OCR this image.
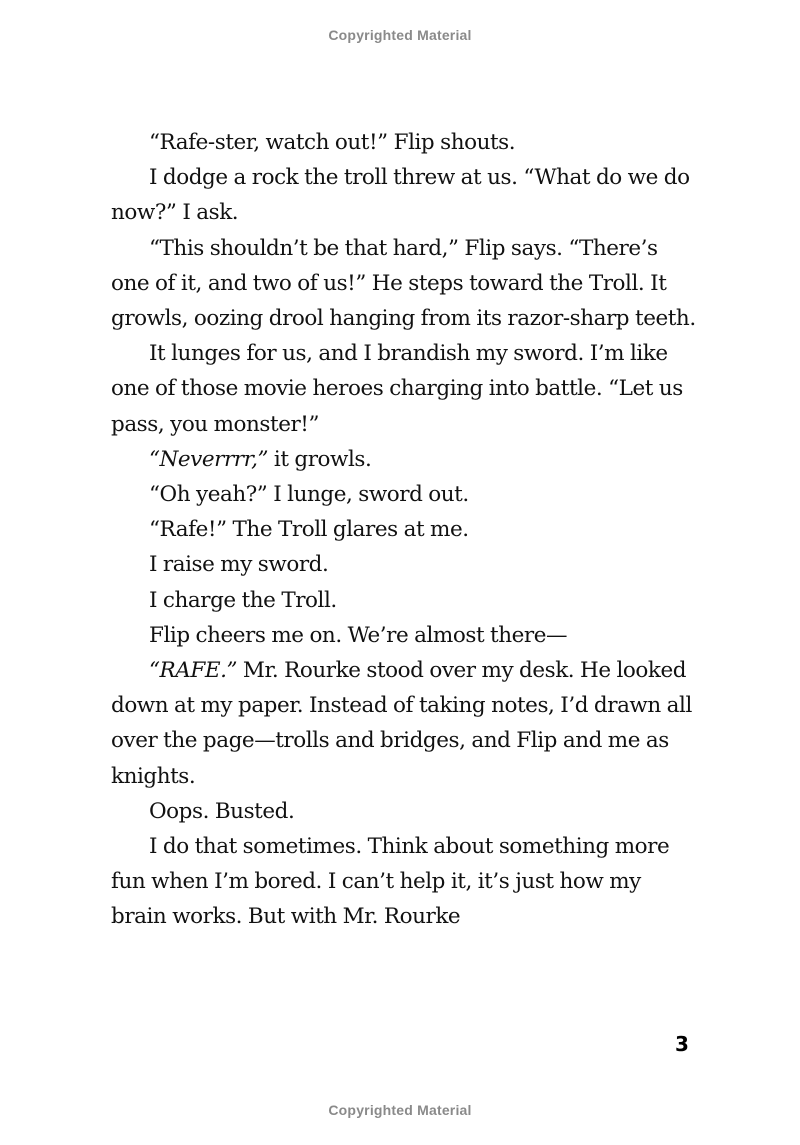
Copyrighted Material

“Rafe-ster, watch out!” Flip shouts.

I dodge a rock the troll threw at us. “What do we do now?” I ask.

“This shouldn’t be that hard,” Flip says. “There’s one of it, and two of us!” He steps toward the Troll. It growls, oozing drool hanging from its razor-sharp teeth.

It lunges for us, and I brandish my sword. I’m like one of those movie heroes charging into battle. “Let us pass, you monster!”

“Neverrrr,” it growls.

“Oh yeah?” I lunge, sword out.

“Rafe!” The Troll glares at me.

I raise my sword.

I charge the Troll.

Flip cheers me on. We’re almost there—

“RAFE.” Mr. Rourke stood over my desk. He looked down at my paper. Instead of taking notes, I’d drawn all over the page—trolls and bridges, and Flip and me as knights.

Oops. Busted.

I do that sometimes. Think about something more fun when I’m bored. I can’t help it, it’s just how my brain works. But with Mr. Rourke

3
Copyrighted Material
